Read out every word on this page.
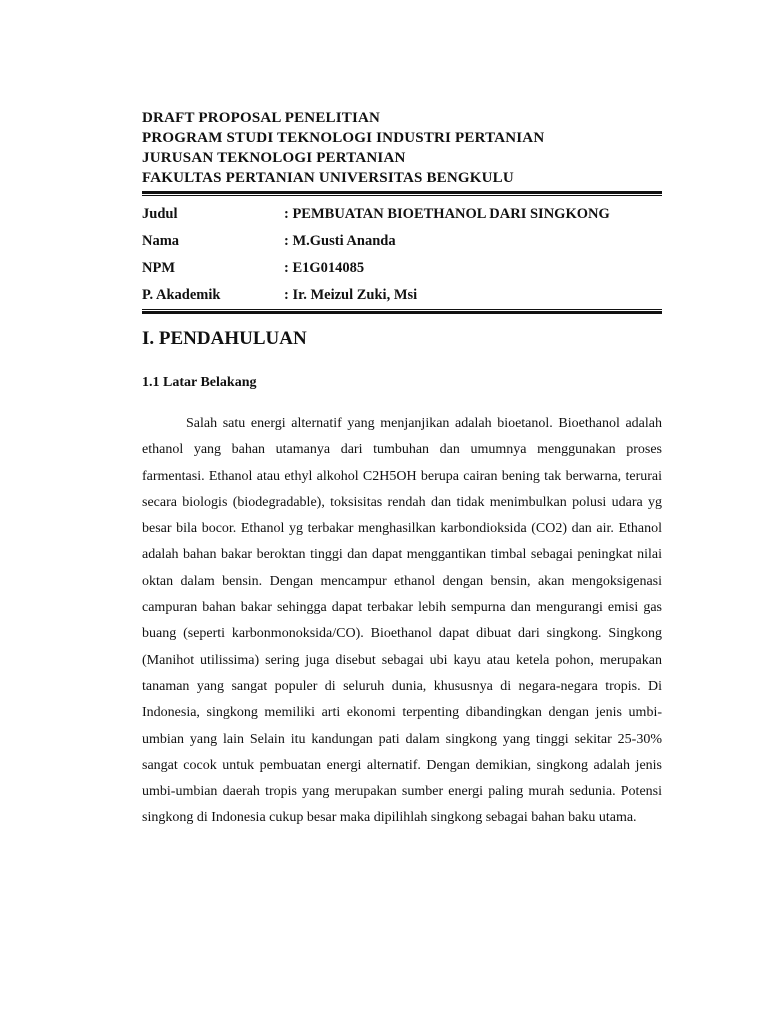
DRAFT PROPOSAL PENELITIAN
PROGRAM STUDI TEKNOLOGI INDUSTRI PERTANIAN
JURUSAN TEKNOLOGI PERTANIAN
FAKULTAS PERTANIAN UNIVERSITAS BENGKULU
Judul	: PEMBUATAN BIOETHANOL DARI SINGKONG
Nama	: M.Gusti Ananda
NPM	: E1G014085
P. Akademik	: Ir. Meizul Zuki, Msi
I. PENDAHULUAN
1.1 Latar Belakang
Salah satu energi alternatif yang menjanjikan adalah bioetanol. Bioethanol adalah ethanol yang bahan utamanya dari tumbuhan dan umumnya menggunakan proses farmentasi. Ethanol atau ethyl alkohol C2H5OH berupa cairan bening tak berwarna, terurai secara biologis (biodegradable), toksisitas rendah dan tidak menimbulkan polusi udara yg besar bila bocor. Ethanol yg terbakar menghasilkan karbondioksida (CO2) dan air. Ethanol adalah bahan bakar beroktan tinggi dan dapat menggantikan timbal sebagai peningkat nilai oktan dalam bensin. Dengan mencampur ethanol dengan bensin, akan mengoksigenasi campuran bahan bakar sehingga dapat terbakar lebih sempurna dan mengurangi emisi gas buang (seperti karbonmonoksida/CO). Bioethanol dapat dibuat dari singkong. Singkong (Manihot utilissima) sering juga disebut sebagai ubi kayu atau ketela pohon, merupakan tanaman yang sangat populer di seluruh dunia, khususnya di negara-negara tropis. Di Indonesia, singkong memiliki arti ekonomi terpenting dibandingkan dengan jenis umbi-umbian yang lain Selain itu kandungan pati dalam singkong yang tinggi sekitar 25-30% sangat cocok untuk pembuatan energi alternatif. Dengan demikian, singkong adalah jenis umbi-umbian daerah tropis yang merupakan sumber energi paling murah sedunia. Potensi singkong di Indonesia cukup besar maka dipilihlah singkong sebagai bahan baku utama.
